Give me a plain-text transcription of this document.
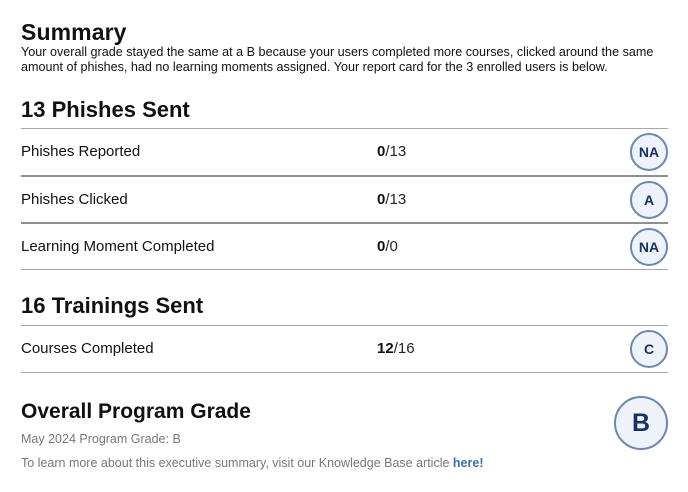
Summary

Your overall grade stayed the same at a B because your users completed more courses, clicked around the same amount of phishes, had no learning moments assigned. Your report card for the 3 enrolled users is below.

13 Phishes Sent
Phishes Reported	0/13	NA
Phishes Clicked	0/13	A
Learning Moment Completed	0/0	NA
16 Trainings Sent
Courses Completed	12/16	C
Overall Program Grade
May 2024 Program Grade: B
B
To learn more about this executive summary, visit our Knowledge Base article here!
